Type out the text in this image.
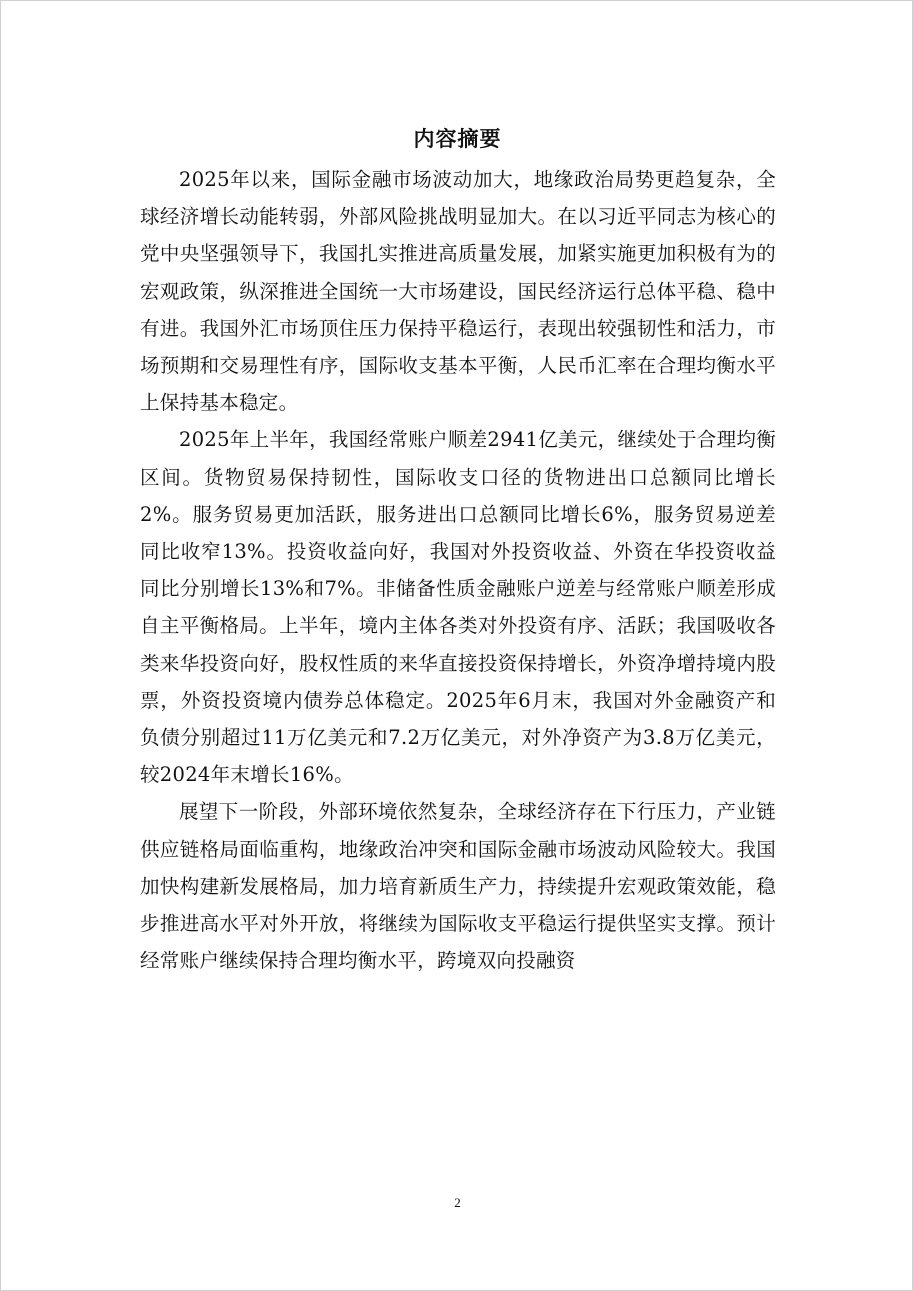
内容摘要

2025年以来，国际金融市场波动加大，地缘政治局势更趋复杂，全球经济增长动能转弱，外部风险挑战明显加大。在以习近平同志为核心的党中央坚强领导下，我国扎实推进高质量发展，加紧实施更加积极有为的宏观政策，纵深推进全国统一大市场建设，国民经济运行总体平稳、稳中有进。我国外汇市场顶住压力保持平稳运行，表现出较强韧性和活力，市场预期和交易理性有序，国际收支基本平衡，人民币汇率在合理均衡水平上保持基本稳定。

2025年上半年，我国经常账户顺差2941亿美元，继续处于合理均衡区间。货物贸易保持韧性，国际收支口径的货物进出口总额同比增长2%。服务贸易更加活跃，服务进出口总额同比增长6%，服务贸易逆差同比收窄13%。投资收益向好，我国对外投资收益、外资在华投资收益同比分别增长13%和7%。非储备性质金融账户逆差与经常账户顺差形成自主平衡格局。上半年，境内主体各类对外投资有序、活跃；我国吸收各类来华投资向好，股权性质的来华直接投资保持增长，外资净增持境内股票，外资投资境内债券总体稳定。2025年6月末，我国对外金融资产和负债分别超过11万亿美元和7.2万亿美元，对外净资产为3.8万亿美元，较2024年末增长16%。

展望下一阶段，外部环境依然复杂，全球经济存在下行压力，产业链供应链格局面临重构，地缘政治冲突和国际金融市场波动风险较大。我国加快构建新发展格局，加力培育新质生产力，持续提升宏观政策效能，稳步推进高水平对外开放，将继续为国际收支平稳运行提供坚实支撑。预计经常账户继续保持合理均衡水平，跨境双向投融资

2
